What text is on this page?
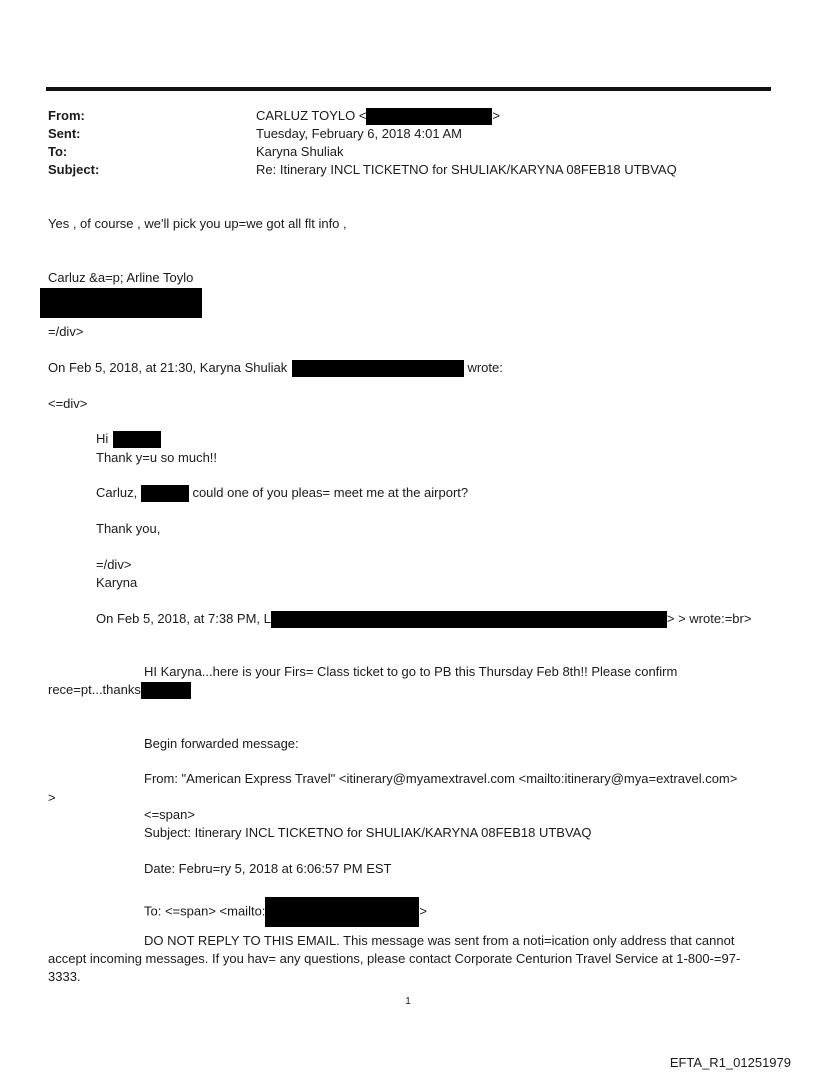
From:	CARLUZ TOYLO <	>
Sent:	Tuesday, February 6, 2018 4:01 AM
To:	Karyna Shuliak
Subject:	Re: Itinerary INCL TICKETNO for SHULIAK/KARYNA 08FEB18 UTBVAQ
Yes , of course , we'll pick you up=we got all flt info ,
Carluz &a=p; Arline Toylo
=/div>
On Feb 5, 2018, at 21:30, Karyna Shuliak	wrote:
<=div>
Hi
Thank y=u so much!!
Carluz,	could one of you pleas= meet me at the airport?
Thank you,
=/div>
Karyna
On Feb 5, 2018, at 7:38 PM, L	> > wrote:=br>
HI Karyna...here is your Firs= Class ticket to go to PB this Thursday Feb 8th!! Please confirm
rece=pt...thanks
Begin forwarded message:
From: "American Express Travel" <itinerary@myamextravel.com <mailto:itinerary@mya=extravel.com>
>
<=span>
Subject: Itinerary INCL TICKETNO for SHULIAK/KARYNA 08FEB18 UTBVAQ
Date: Febru=ry 5, 2018 at 6:06:57 PM EST
To: <=span> <mailto:	>
DO NOT REPLY TO THIS EMAIL. This message was sent from a noti=ication only address that cannot
accept incoming messages. If you hav= any questions, please contact Corporate Centurion Travel Service at 1-800-=97-
3333.
1
EFTA_R1_01251979
